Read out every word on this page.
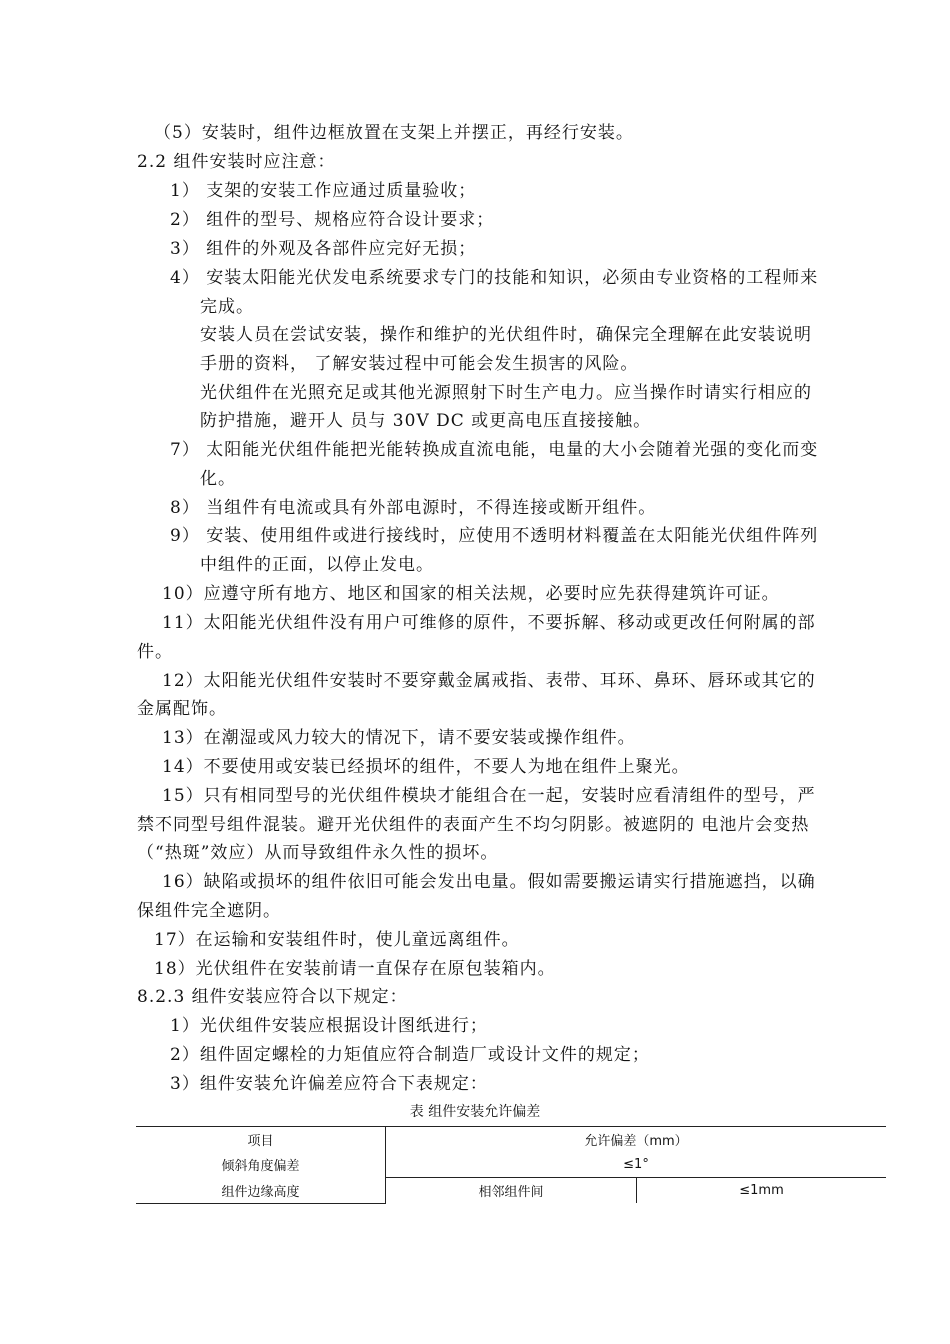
（5）安装时，组件边框放置在支架上并摆正，再经行安装。
2.2 组件安装时应注意：
1） 支架的安装工作应通过质量验收；
2） 组件的型号、规格应符合设计要求；
3） 组件的外观及各部件应完好无损；
4） 安装太阳能光伏发电系统要求专门的技能和知识，必须由专业资格的工程师来
完成。
安装人员在尝试安装，操作和维护的光伏组件时，确保完全理解在此安装说明
手册的资料， 了解安装过程中可能会发生损害的风险。
光伏组件在光照充足或其他光源照射下时生产电力。应当操作时请实行相应的
防护措施，避开人 员与 30V DC 或更高电压直接接触。
7） 太阳能光伏组件能把光能转换成直流电能，电量的大小会随着光强的变化而变
化。
8） 当组件有电流或具有外部电源时，不得连接或断开组件。
9） 安装、使用组件或进行接线时，应使用不透明材料覆盖在太阳能光伏组件阵列
中组件的正面，以停止发电。
10）应遵守所有地方、地区和国家的相关法规，必要时应先获得建筑许可证。
11）太阳能光伏组件没有用户可维修的原件，不要拆解、移动或更改任何附属的部
件。
12）太阳能光伏组件安装时不要穿戴金属戒指、表带、耳环、鼻环、唇环或其它的
金属配饰。
13）在潮湿或风力较大的情况下，请不要安装或操作组件。
14）不要使用或安装已经损坏的组件，不要人为地在组件上聚光。
15）只有相同型号的光伏组件模块才能组合在一起，安装时应看清组件的型号，严
禁不同型号组件混装。避开光伏组件的表面产生不均匀阴影。被遮阴的 电池片会变热
（“热斑”效应）从而导致组件永久性的损坏。
16）缺陷或损坏的组件依旧可能会发出电量。假如需要搬运请实行措施遮挡，以确
保组件完全遮阴。
17）在运输和安装组件时，使儿童远离组件。
18）光伏组件在安装前请一直保存在原包装箱内。
8.2.3 组件安装应符合以下规定：
1）光伏组件安装应根据设计图纸进行；
2）组件固定螺栓的力矩值应符合制造厂或设计文件的规定；
3）组件安装允许偏差应符合下表规定：
表 组件安装允许偏差
项目	允许偏差（mm）	
倾斜角度偏差	≤1°	
组件边缘高度	相邻组件间	≤1mm
